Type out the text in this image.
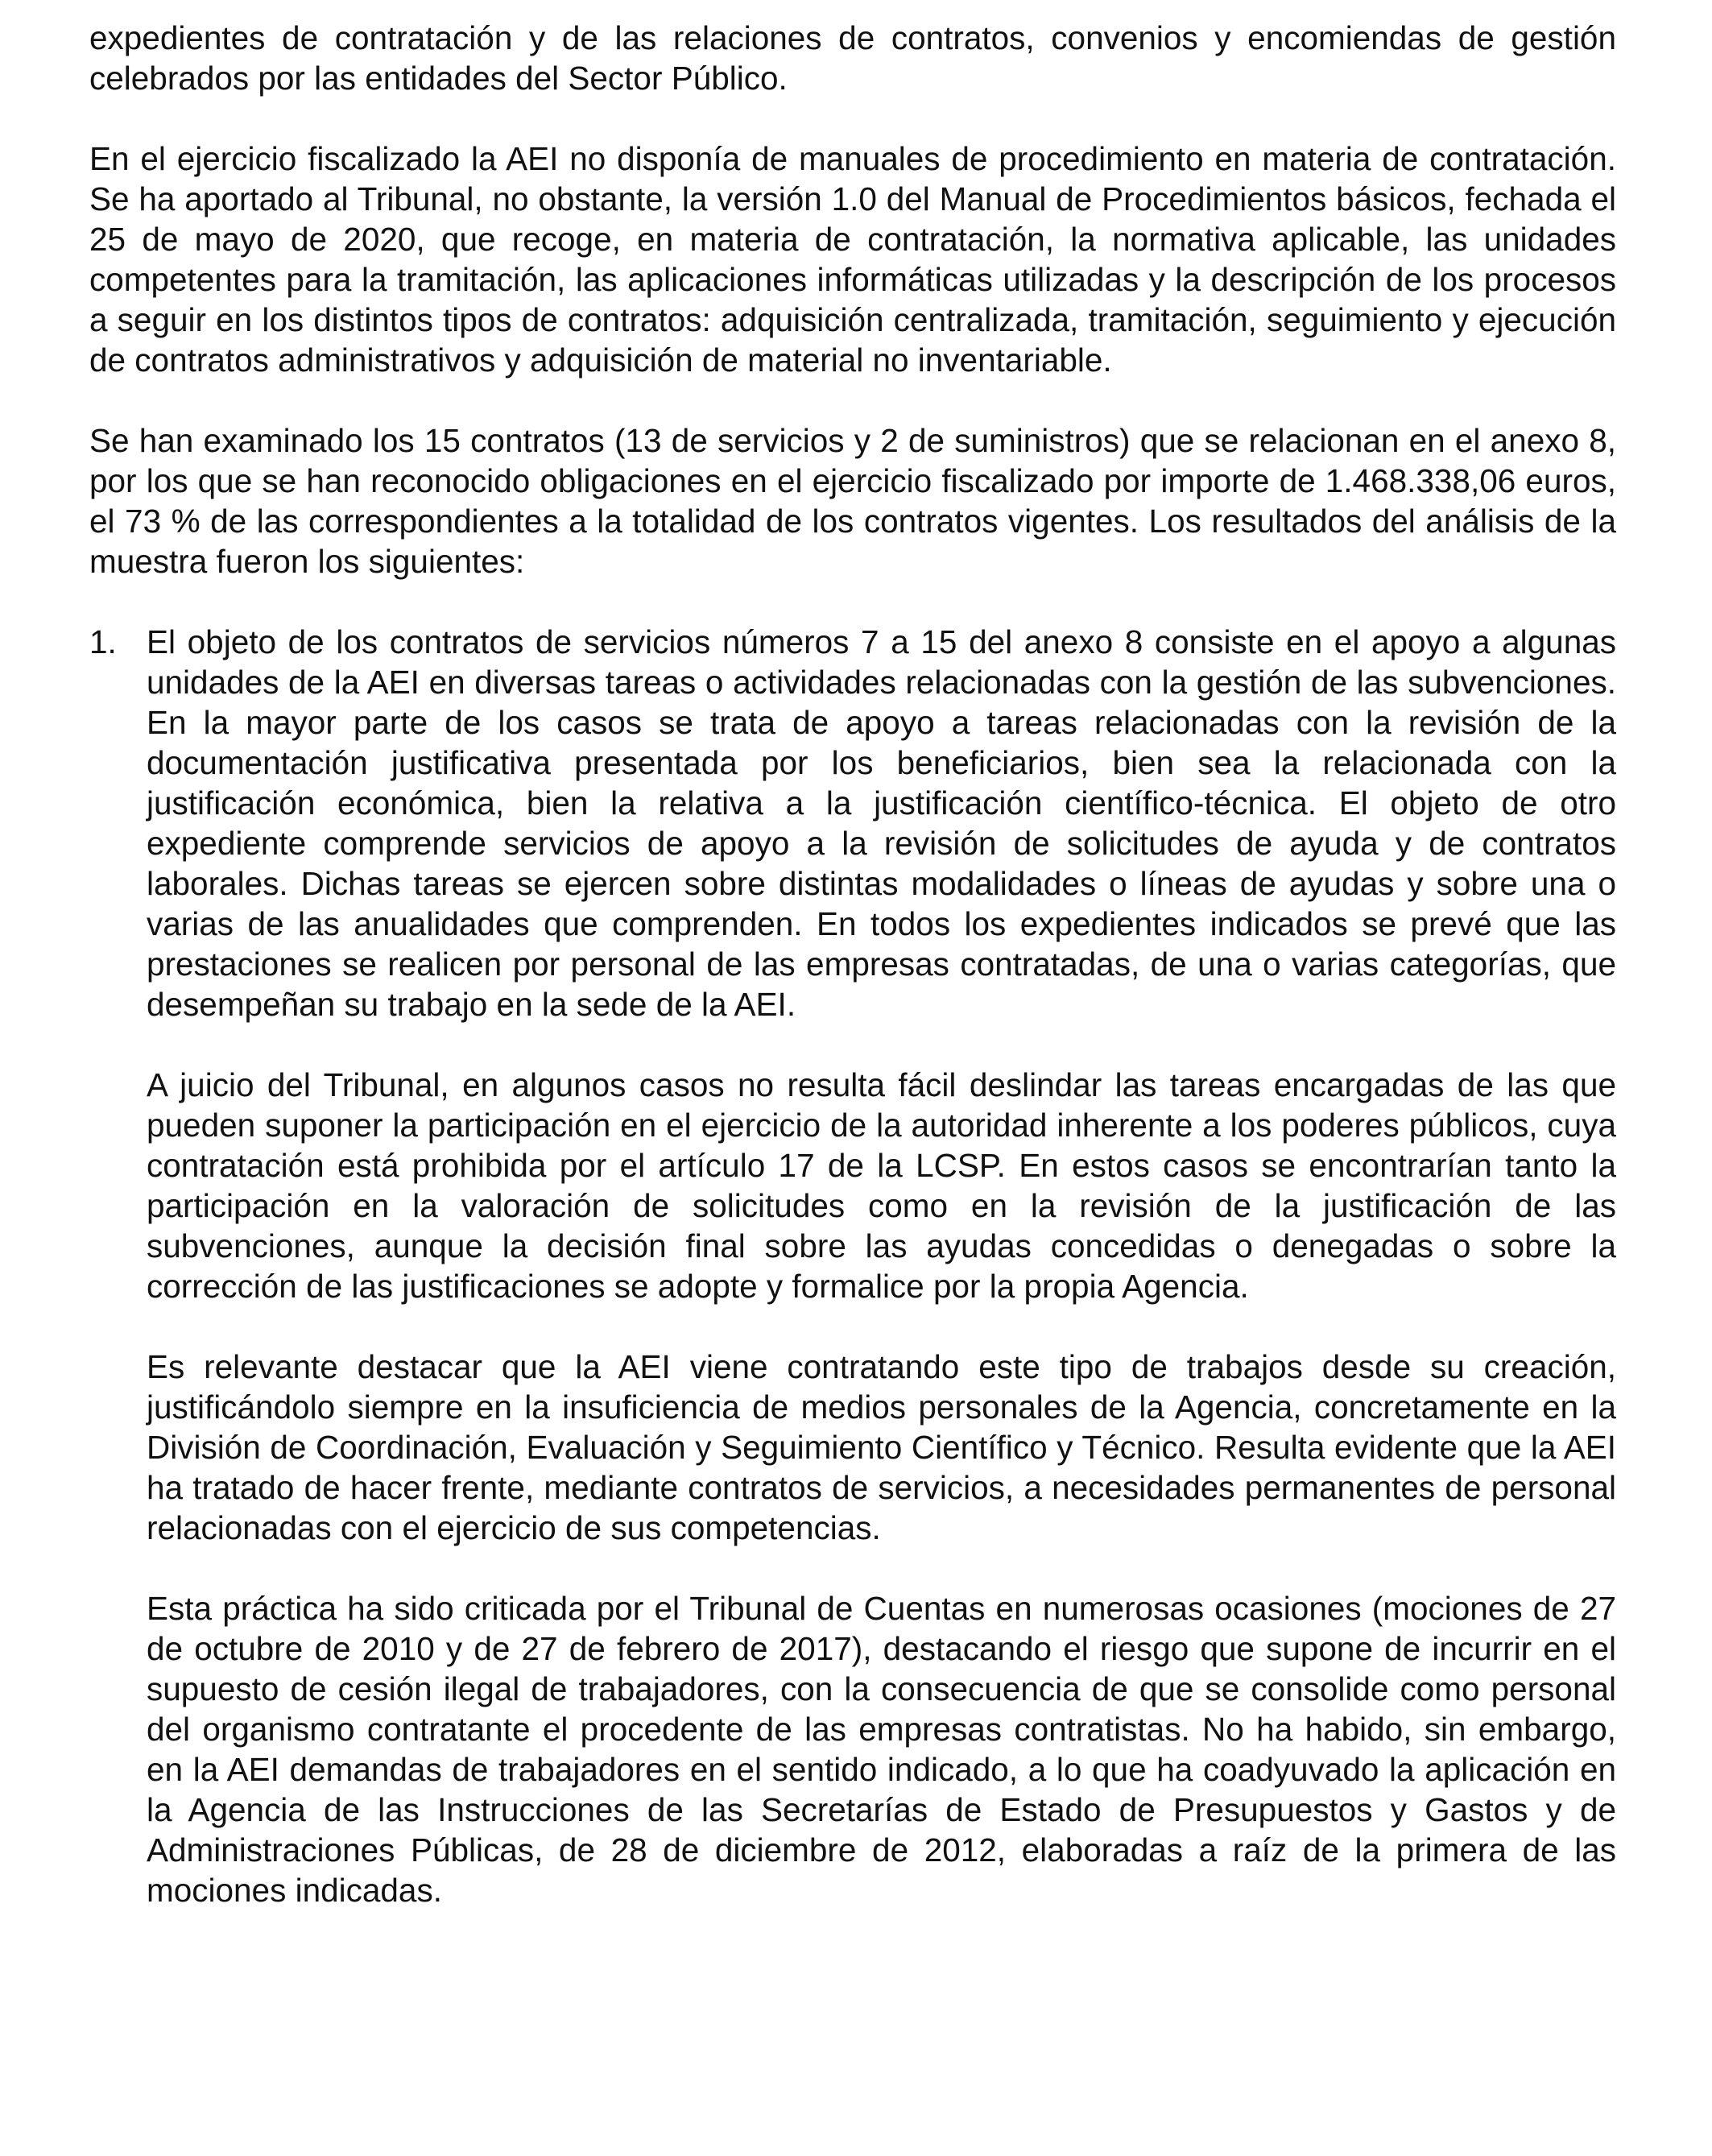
expedientes de contratación y de las relaciones de contratos, convenios y encomiendas de gestión celebrados por las entidades del Sector Público.

En el ejercicio fiscalizado la AEI no disponía de manuales de procedimiento en materia de contratación. Se ha aportado al Tribunal, no obstante, la versión 1.0 del Manual de Procedimientos básicos, fechada el 25 de mayo de 2020, que recoge, en materia de contratación, la normativa aplicable, las unidades competentes para la tramitación, las aplicaciones informáticas utilizadas y la descripción de los procesos a seguir en los distintos tipos de contratos: adquisición centralizada, tramitación, seguimiento y ejecución de contratos administrativos y adquisición de material no inventariable.

Se han examinado los 15 contratos (13 de servicios y 2 de suministros) que se relacionan en el anexo 8, por los que se han reconocido obligaciones en el ejercicio fiscalizado por importe de 1.468.338,06 euros, el 73 % de las correspondientes a la totalidad de los contratos vigentes. Los resultados del análisis de la muestra fueron los siguientes:

1. El objeto de los contratos de servicios números 7 a 15 del anexo 8 consiste en el apoyo a algunas unidades de la AEI en diversas tareas o actividades relacionadas con la gestión de las subvenciones. En la mayor parte de los casos se trata de apoyo a tareas relacionadas con la revisión de la documentación justificativa presentada por los beneficiarios, bien sea la relacionada con la justificación económica, bien la relativa a la justificación científico-técnica. El objeto de otro expediente comprende servicios de apoyo a la revisión de solicitudes de ayuda y de contratos laborales. Dichas tareas se ejercen sobre distintas modalidades o líneas de ayudas y sobre una o varias de las anualidades que comprenden. En todos los expedientes indicados se prevé que las prestaciones se realicen por personal de las empresas contratadas, de una o varias categorías, que desempeñan su trabajo en la sede de la AEI.

A juicio del Tribunal, en algunos casos no resulta fácil deslindar las tareas encargadas de las que pueden suponer la participación en el ejercicio de la autoridad inherente a los poderes públicos, cuya contratación está prohibida por el artículo 17 de la LCSP. En estos casos se encontrarían tanto la participación en la valoración de solicitudes como en la revisión de la justificación de las subvenciones, aunque la decisión final sobre las ayudas concedidas o denegadas o sobre la corrección de las justificaciones se adopte y formalice por la propia Agencia.

Es relevante destacar que la AEI viene contratando este tipo de trabajos desde su creación, justificándolo siempre en la insuficiencia de medios personales de la Agencia, concretamente en la División de Coordinación, Evaluación y Seguimiento Científico y Técnico. Resulta evidente que la AEI ha tratado de hacer frente, mediante contratos de servicios, a necesidades permanentes de personal relacionadas con el ejercicio de sus competencias.

Esta práctica ha sido criticada por el Tribunal de Cuentas en numerosas ocasiones (mociones de 27 de octubre de 2010 y de 27 de febrero de 2017), destacando el riesgo que supone de incurrir en el supuesto de cesión ilegal de trabajadores, con la consecuencia de que se consolide como personal del organismo contratante el procedente de las empresas contratistas. No ha habido, sin embargo, en la AEI demandas de trabajadores en el sentido indicado, a lo que ha coadyuvado la aplicación en la Agencia de las Instrucciones de las Secretarías de Estado de Presupuestos y Gastos y de Administraciones Públicas, de 28 de diciembre de 2012, elaboradas a raíz de la primera de las mociones indicadas.
